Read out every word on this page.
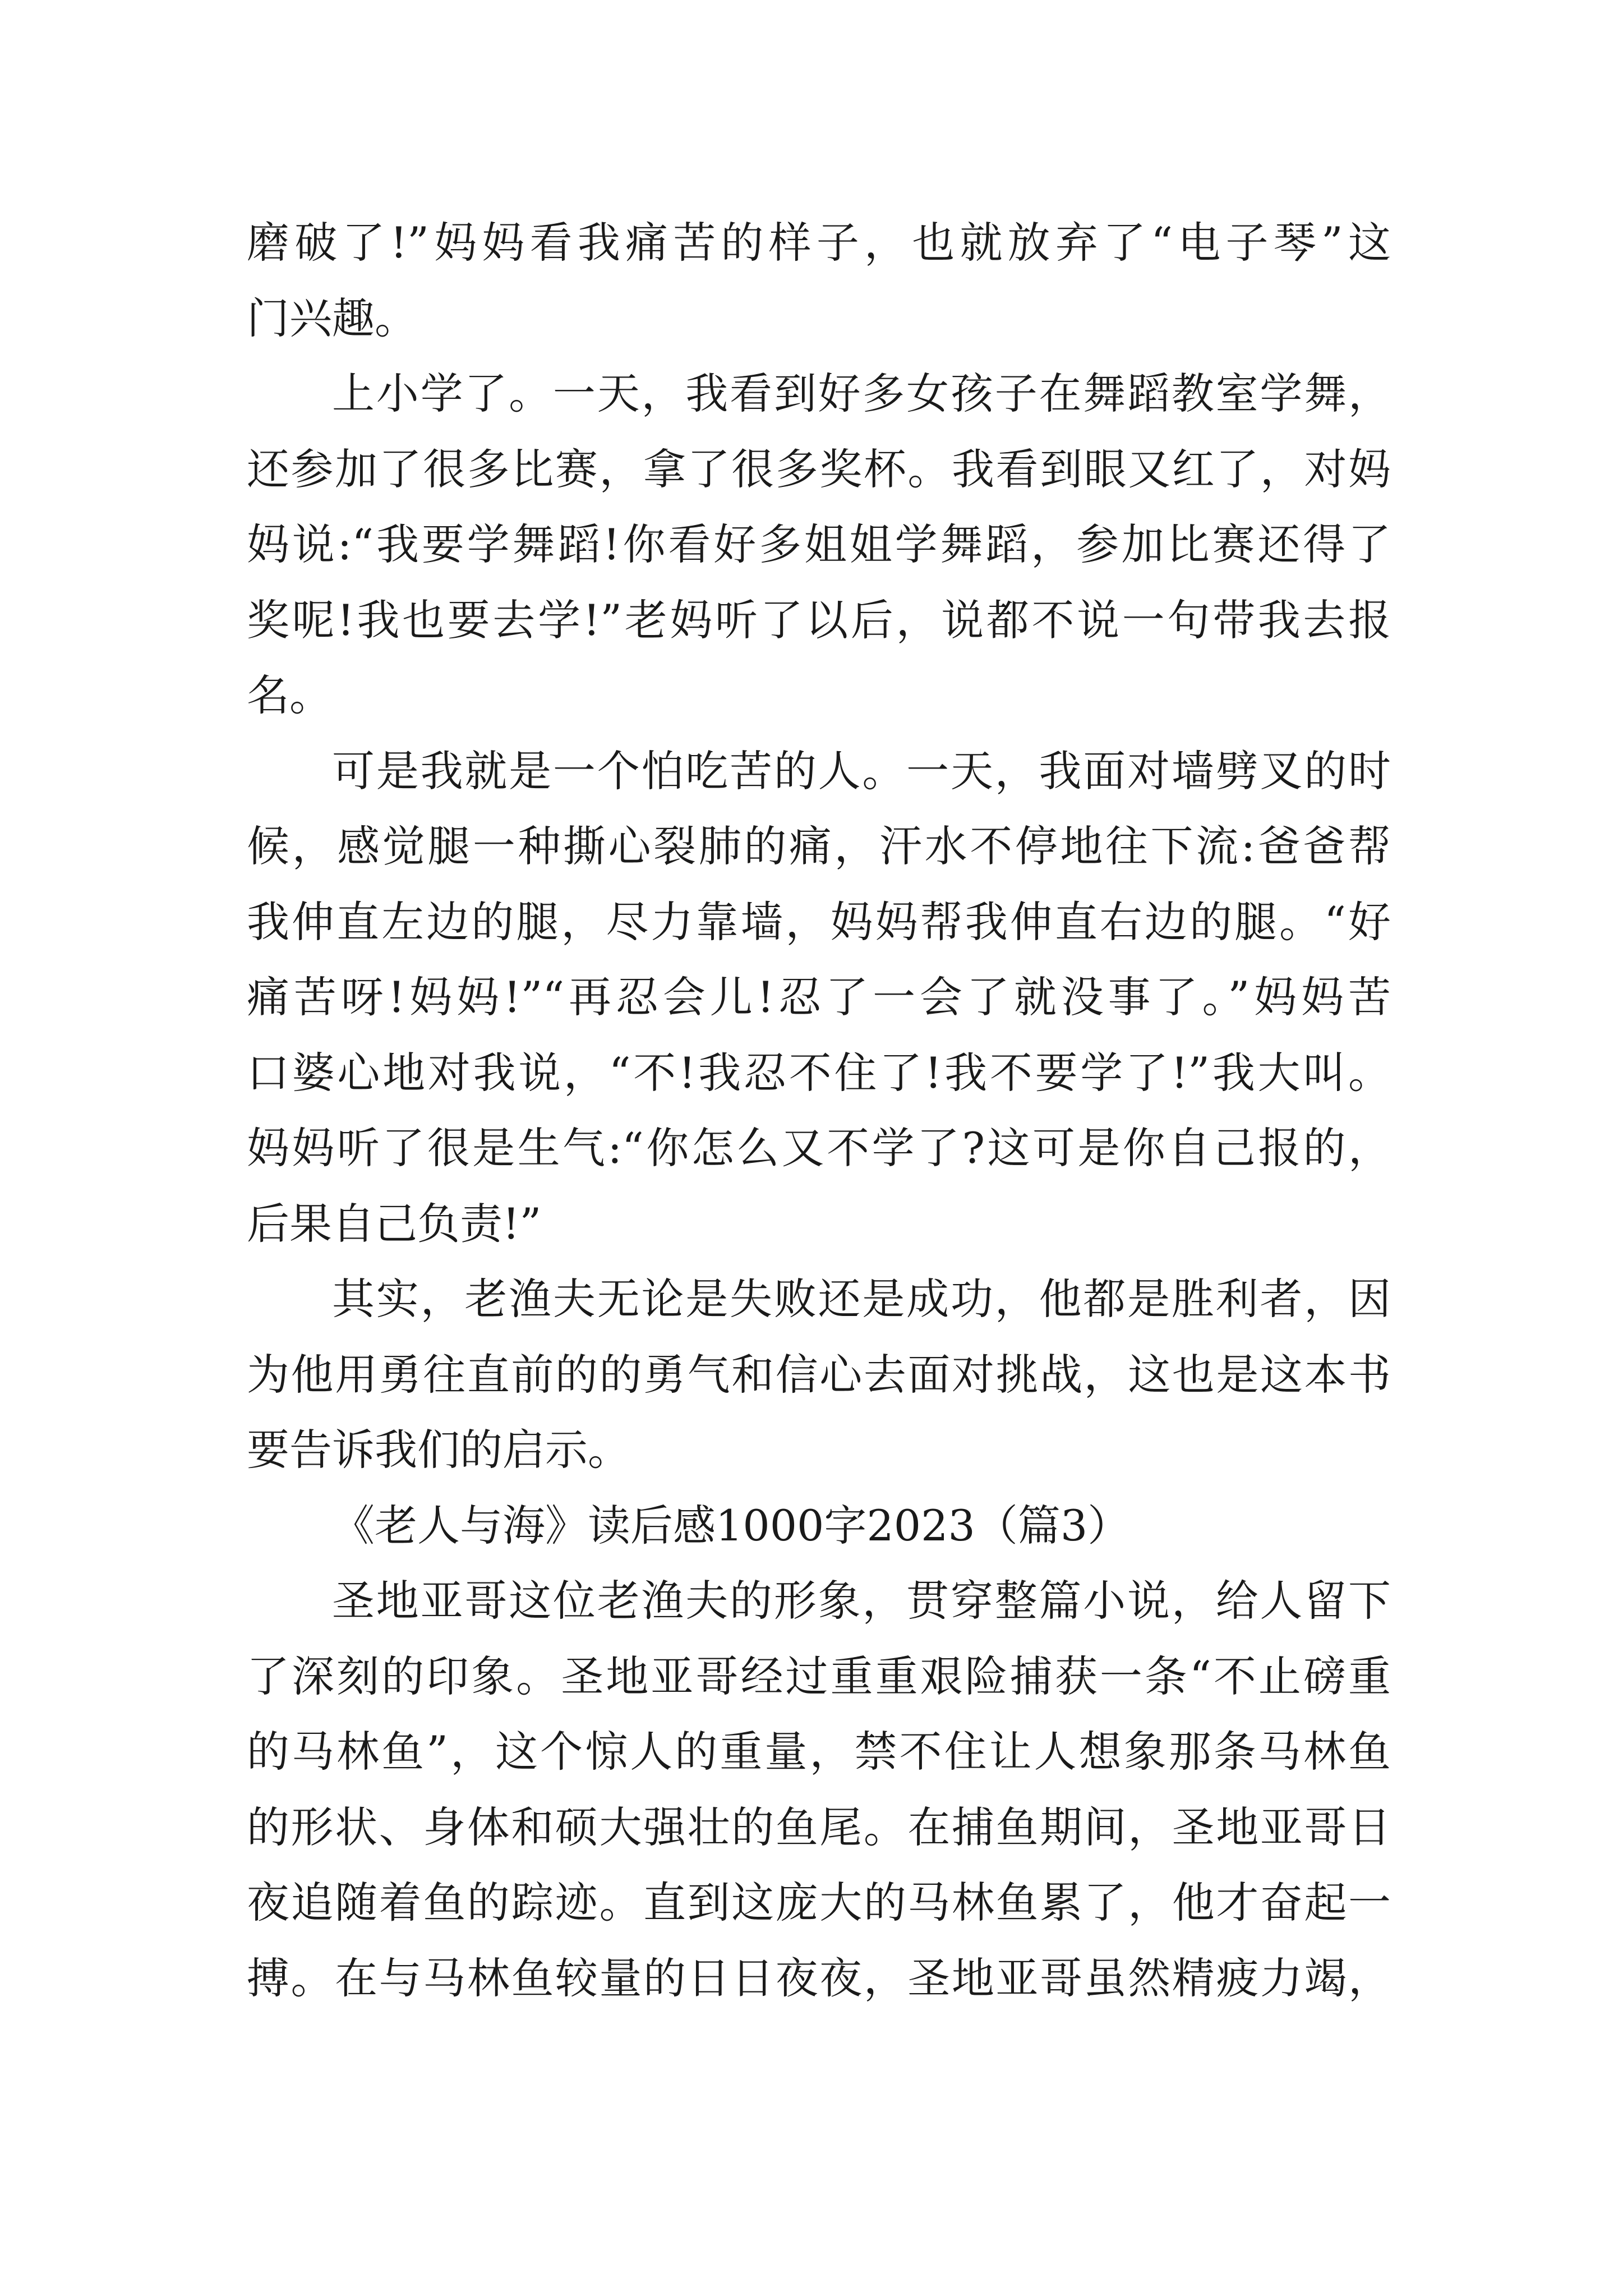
磨破了!”妈妈看我痛苦的样子，也就放弃了“电子琴”这
门兴趣。
上小学了。一天，我看到好多女孩子在舞蹈教室学舞，
还参加了很多比赛，拿了很多奖杯。我看到眼又红了，对妈
妈说:“我要学舞蹈!你看好多姐姐学舞蹈，参加比赛还得了
奖呢!我也要去学!”老妈听了以后，说都不说一句带我去报
名。
可是我就是一个怕吃苦的人。一天，我面对墙劈叉的时
候，感觉腿一种撕心裂肺的痛，汗水不停地往下流:爸爸帮
我伸直左边的腿，尽力靠墙，妈妈帮我伸直右边的腿。“好
痛苦呀!妈妈!”“再忍会儿!忍了一会了就没事了。”妈妈苦
口婆心地对我说，“不!我忍不住了!我不要学了!”我大叫。
妈妈听了很是生气:“你怎么又不学了?这可是你自己报的，
后果自己负责!”
其实，老渔夫无论是失败还是成功，他都是胜利者，因
为他用勇往直前的的勇气和信心去面对挑战，这也是这本书
要告诉我们的启示。
《老人与海》读后感1000字2023（篇3）
圣地亚哥这位老渔夫的形象，贯穿整篇小说，给人留下
了深刻的印象。圣地亚哥经过重重艰险捕获一条“不止磅重
的马林鱼”，这个惊人的重量，禁不住让人想象那条马林鱼
的形状、身体和硕大强壮的鱼尾。在捕鱼期间，圣地亚哥日
夜追随着鱼的踪迹。直到这庞大的马林鱼累了，他才奋起一
搏。在与马林鱼较量的日日夜夜，圣地亚哥虽然精疲力竭，
